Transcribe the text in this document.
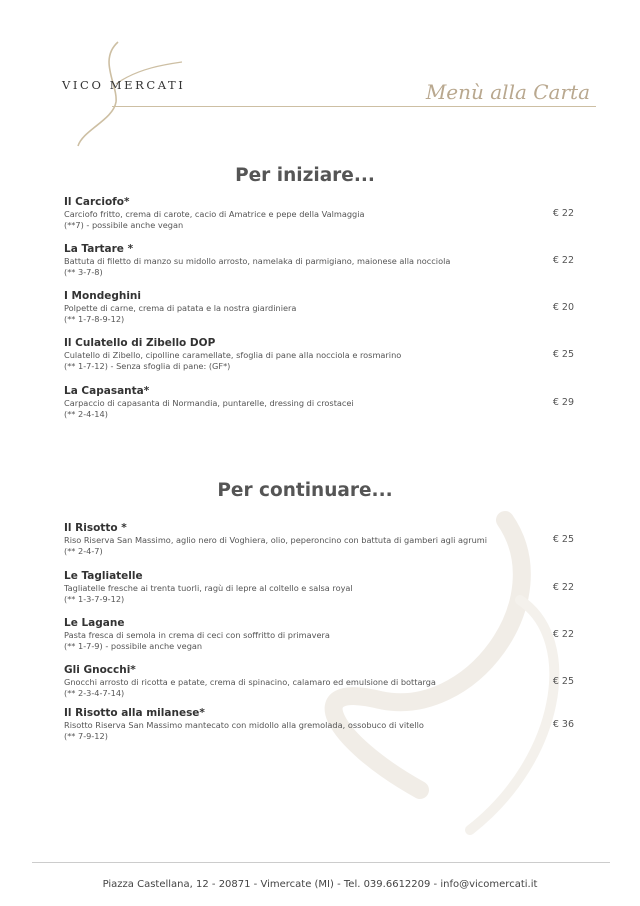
VICO MERCATI	Menù alla Carta
Per iniziare...
Il Carciofo*
Carciofo fritto, crema di carote, cacio di Amatrice e pepe della Valmaggia
(**7) - possibile anche vegan
€ 22
La Tartare *
Battuta di filetto di manzo su midollo arrosto, namelaka di parmigiano, maionese alla nocciola
(** 3-7-8)
€ 22
I Mondeghini
Polpette di carne, crema di patata e la nostra giardiniera
(** 1-7-8-9-12)
€ 20
Il Culatello di Zibello DOP
Culatello di Zibello, cipolline caramellate, sfoglia di pane alla nocciola e rosmarino
(** 1-7-12) - Senza sfoglia di pane: (GF*)
€ 25
La Capasanta*
Carpaccio di capasanta di Normandia, puntarelle, dressing di crostacei
(** 2-4-14)
€ 29
Per continuare...
Il Risotto *
Riso Riserva San Massimo, aglio nero di Voghiera, olio, peperoncino con battuta di gamberi agli agrumi
(** 2-4-7)
€ 25
Le Tagliatelle
Tagliatelle fresche ai trenta tuorli, ragù di lepre al coltello e salsa royal
(** 1-3-7-9-12)
€ 22
Le Lagane
Pasta fresca di semola in crema di ceci con soffritto di primavera
(** 1-7-9) - possibile anche vegan
€ 22
Gli Gnocchi*
Gnocchi arrosto di ricotta e patate, crema di spinacino, calamaro ed emulsione di bottarga
(** 2-3-4-7-14)
€ 25
Il Risotto alla milanese*
Risotto Riserva San Massimo mantecato con midollo alla gremolada, ossobuco di vitello
(** 7-9-12)
€ 36
Piazza Castellana, 12 - 20871 - Vimercate (MI) - Tel. 039.6612209 - info@vicomercati.it
